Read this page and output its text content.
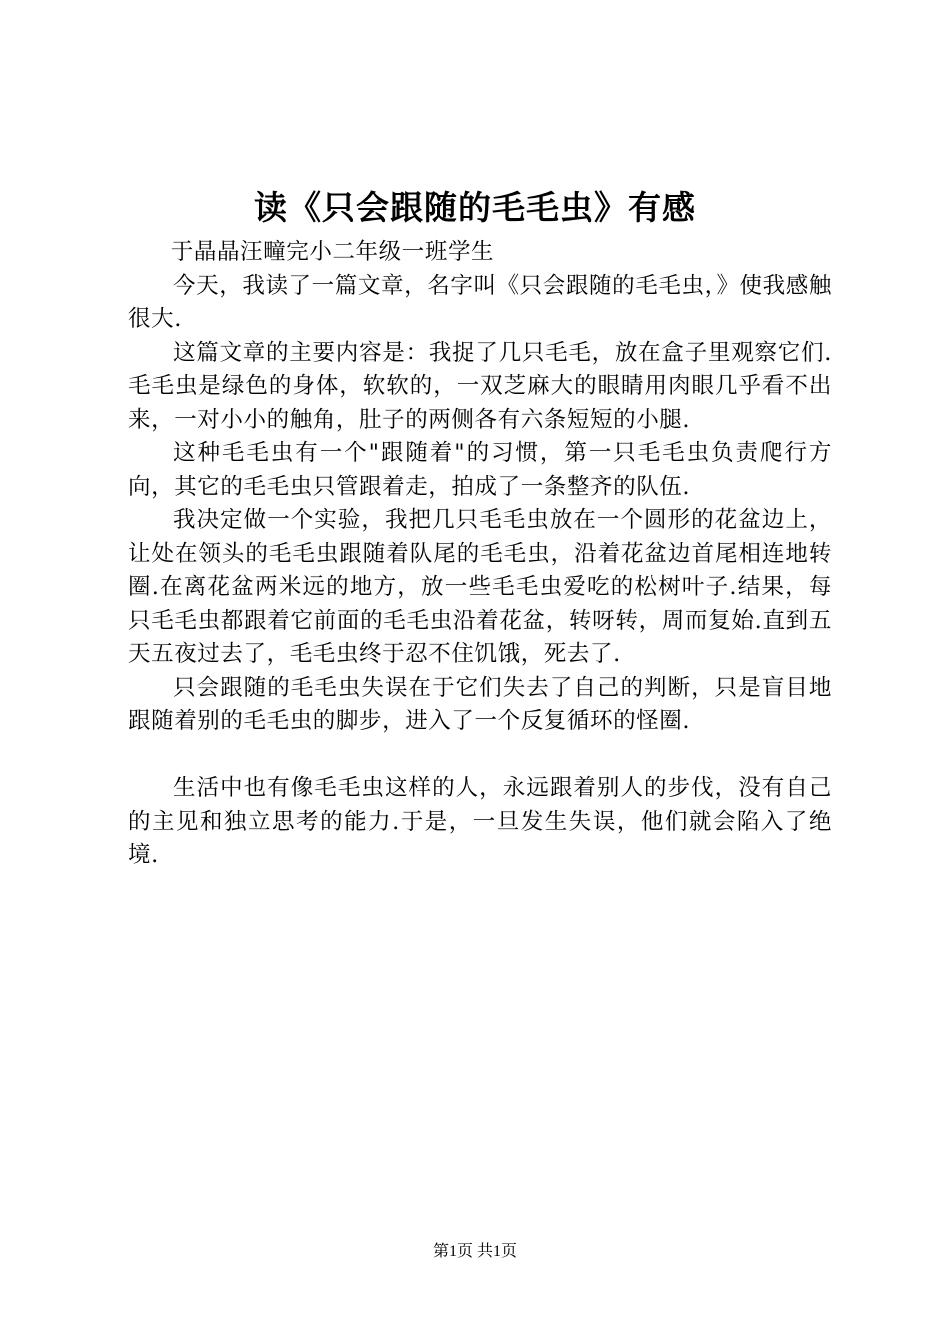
读《只会跟随的毛毛虫》有感

于晶晶汪疃完小二年级一班学生

今天，我读了一篇文章，名字叫《只会跟随的毛毛虫，》使我感触很大.

这篇文章的主要内容是：我捉了几只毛毛，放在盒子里观察它们.毛毛虫是绿色的身体，软软的，一双芝麻大的眼睛用肉眼几乎看不出来，一对小小的触角，肚子的两侧各有六条短短的小腿.

这种毛毛虫有一个"跟随着"的习惯，第一只毛毛虫负责爬行方向，其它的毛毛虫只管跟着走，拍成了一条整齐的队伍.

我决定做一个实验，我把几只毛毛虫放在一个圆形的花盆边上，让处在领头的毛毛虫跟随着队尾的毛毛虫，沿着花盆边首尾相连地转圈.在离花盆两米远的地方，放一些毛毛虫爱吃的松树叶子.结果，每只毛毛虫都跟着它前面的毛毛虫沿着花盆，转呀转，周而复始.直到五天五夜过去了，毛毛虫终于忍不住饥饿，死去了.

只会跟随的毛毛虫失误在于它们失去了自己的判断，只是盲目地跟随着别的毛毛虫的脚步，进入了一个反复循环的怪圈.

生活中也有像毛毛虫这样的人，永远跟着别人的步伐，没有自己的主见和独立思考的能力.于是，一旦发生失误，他们就会陷入了绝境.

第1页 共1页
